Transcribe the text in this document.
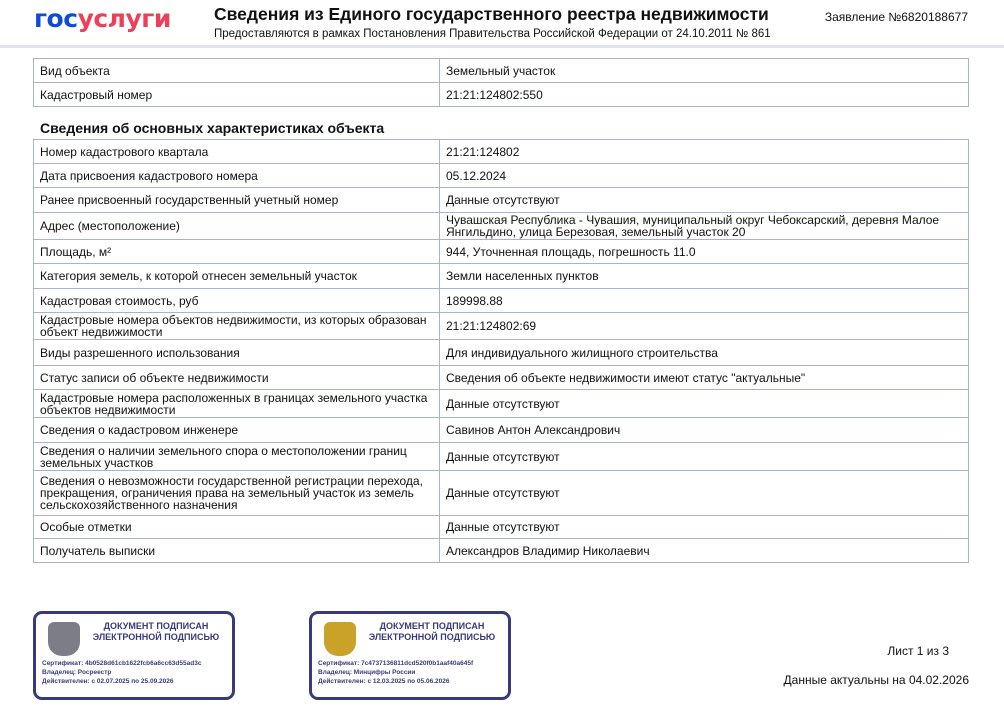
госуслуги Сведения из Единого государственного реестра недвижимости
Предоставляются в рамках Постановления Правительства Российской Федерации от 24.10.2011 № 861
Заявление №6820188677
Вид объекта	Земельный участок
Кадастровый номер	21:21:124802:550
Сведения об основных характеристиках объекта
Номер кадастрового квартала	21:21:124802
Дата присвоения кадастрового номера	05.12.2024
Ранее присвоенный государственный учетный номер	Данные отсутствуют
Адрес (местоположение)	Чувашская Республика - Чувашия, муниципальный округ Чебоксарский, деревня Малое Янгильдино, улица Березовая, земельный участок 20
Площадь, м²	944, Уточненная площадь, погрешность 11.0
Категория земель, к которой отнесен земельный участок	Земли населенных пунктов
Кадастровая стоимость, руб	189998.88
Кадастровые номера объектов недвижимости, из которых образован объект недвижимости	21:21:124802:69
Виды разрешенного использования	Для индивидуального жилищного строительства
Статус записи об объекте недвижимости	Сведения об объекте недвижимости имеют статус "актуальные"
Кадастровые номера расположенных в границах земельного участка объектов недвижимости	Данные отсутствуют
Сведения о кадастровом инженере	Савинов Антон Александрович
Сведения о наличии земельного спора о местоположении границ земельных участков	Данные отсутствуют
Сведения о невозможности государственной регистрации перехода, прекращения, ограничения права на земельный участок из земель сельскохозяйственного назначения	Данные отсутствуют
Особые отметки	Данные отсутствуют
Получатель выписки	Александров Владимир Николаевич
ДОКУМЕНТ ПОДПИСАН ЭЛЕКТРОННОЙ ПОДПИСЬЮ
Сертификат: 4b0528d61cb1622fcb6a6cc63d55ad3c
Владелец: Росреестр
Действителен: с 02.07.2025 по 25.09.2026
ДОКУМЕНТ ПОДПИСАН ЭЛЕКТРОННОЙ ПОДПИСЬЮ
Сертификат: 7c4737136811dcd520f0b1aaf40a645f
Владелец: Минцифры России
Действителен: с 12.03.2025 по 05.06.2026
Лист 1 из 3
Данные актуальны на 04.02.2026
